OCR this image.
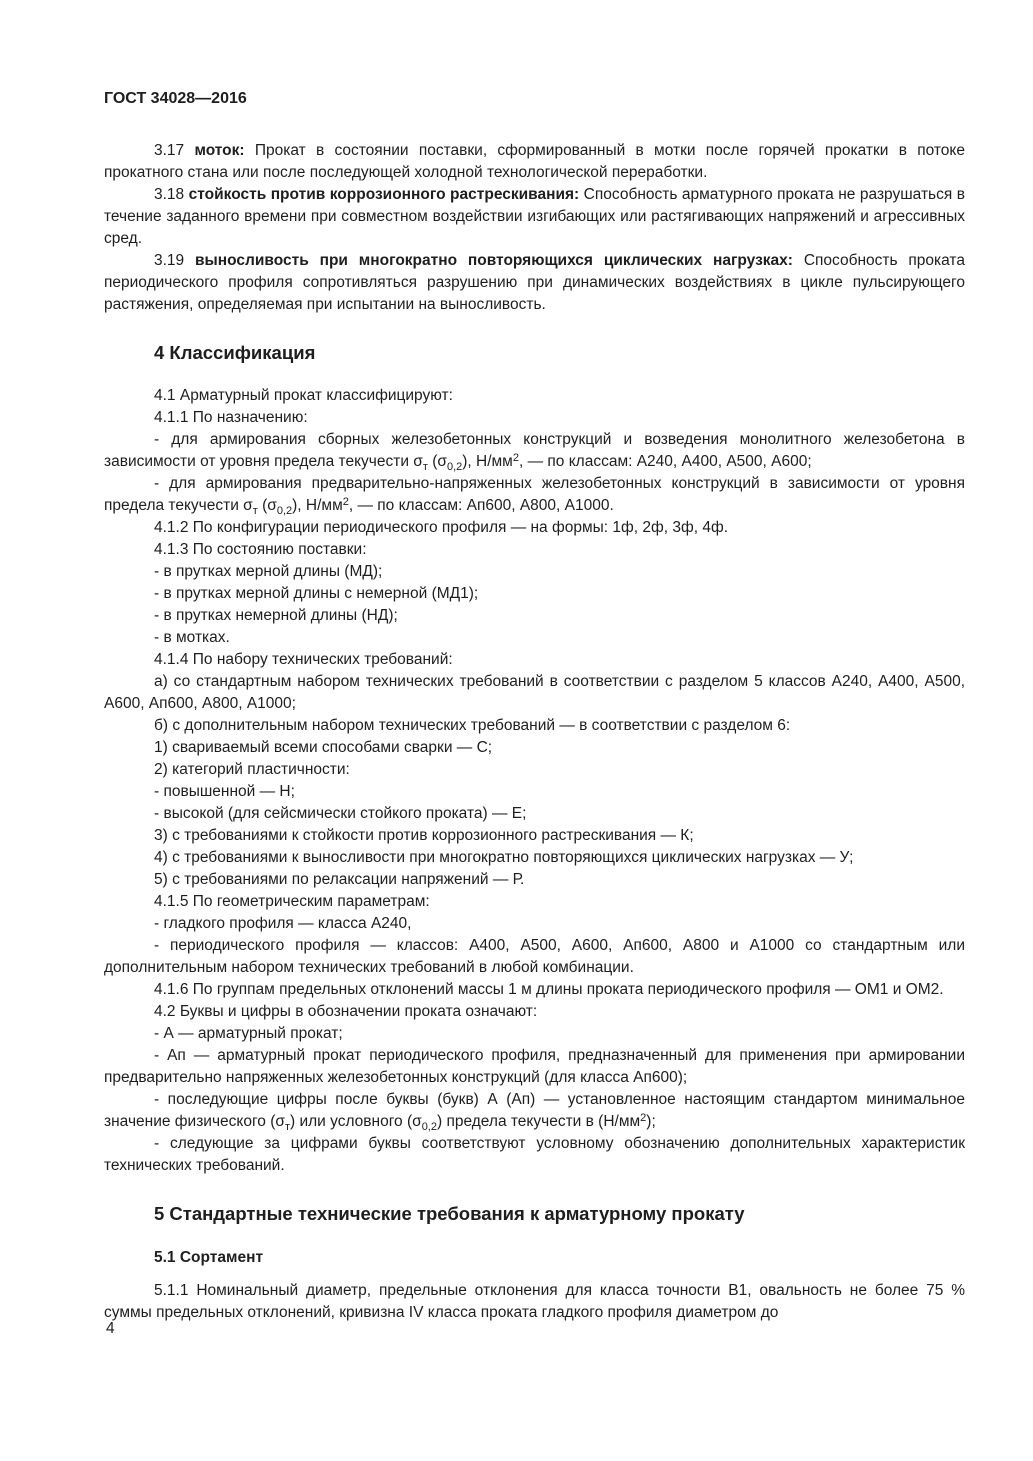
ГОСТ 34028—2016
3.17 моток: Прокат в состоянии поставки, сформированный в мотки после горячей прокатки в потоке прокатного стана или после последующей холодной технологической переработки.
3.18 стойкость против коррозионного растрескивания: Способность арматурного проката не разрушаться в течение заданного времени при совместном воздействии изгибающих или растягивающих напряжений и агрессивных сред.
3.19 выносливость при многократно повторяющихся циклических нагрузках: Способность проката периодического профиля сопротивляться разрушению при динамических воздействиях в цикле пульсирующего растяжения, определяемая при испытании на выносливость.
4 Классификация
4.1 Арматурный прокат классифицируют:
4.1.1 По назначению:
- для армирования сборных железобетонных конструкций и возведения монолитного железобетона в зависимости от уровня предела текучести $\sigma_т$ $(\sigma_{0,2})$, $Н/мм^2$, — по классам: А240, А400, А500, А600;
- для армирования предварительно-напряженных железобетонных конструкций в зависимости от уровня предела текучести $\sigma_т$ $(\sigma_{0,2})$, $Н/мм^2$, — по классам: Ап600, А800, А1000.
4.1.2 По конфигурации периодического профиля — на формы: 1ф, 2ф, 3ф, 4ф.
4.1.3 По состоянию поставки:
- в прутках мерной длины (МД);
- в прутках мерной длины с немерной (МД1);
- в прутках немерной длины (НД);
- в мотках.
4.1.4 По набору технических требований:
а) со стандартным набором технических требований в соответствии с разделом 5 классов А240, А400, А500, А600, Ап600, А800, А1000;
б) с дополнительным набором технических требований — в соответствии с разделом 6:
1) свариваемый всеми способами сварки — С;
2) категорий пластичности:
- повышенной — Н;
- высокой (для сейсмически стойкого проката) — Е;
3) с требованиями к стойкости против коррозионного растрескивания — К;
4) с требованиями к выносливости при многократно повторяющихся циклических нагрузках — У;
5) с требованиями по релаксации напряжений — Р.
4.1.5 По геометрическим параметрам:
- гладкого профиля — класса А240,
- периодического профиля — классов: А400, А500, А600, Ап600, А800 и А1000 со стандартным или дополнительным набором технических требований в любой комбинации.
4.1.6 По группам предельных отклонений массы 1 м длины проката периодического профиля — ОМ1 и ОМ2.
4.2 Буквы и цифры в обозначении проката означают:
- А — арматурный прокат;
- Ап — арматурный прокат периодического профиля, предназначенный для применения при армировании предварительно напряженных железобетонных конструкций (для класса Ап600);
- последующие цифры после буквы (букв) А (Ап) — установленное настоящим стандартом минимальное значение физического $(\sigma_т)$ или условного $(\sigma_{0,2})$ предела текучести в $(Н/мм^2)$;
- следующие за цифрами буквы соответствуют условному обозначению дополнительных характеристик технических требований.
5 Стандартные технические требования к арматурному прокату
5.1 Сортамент
5.1.1 Номинальный диаметр, предельные отклонения для класса точности В1, овальность не более 75 % суммы предельных отклонений, кривизна IV класса проката гладкого профиля диаметром до
4
